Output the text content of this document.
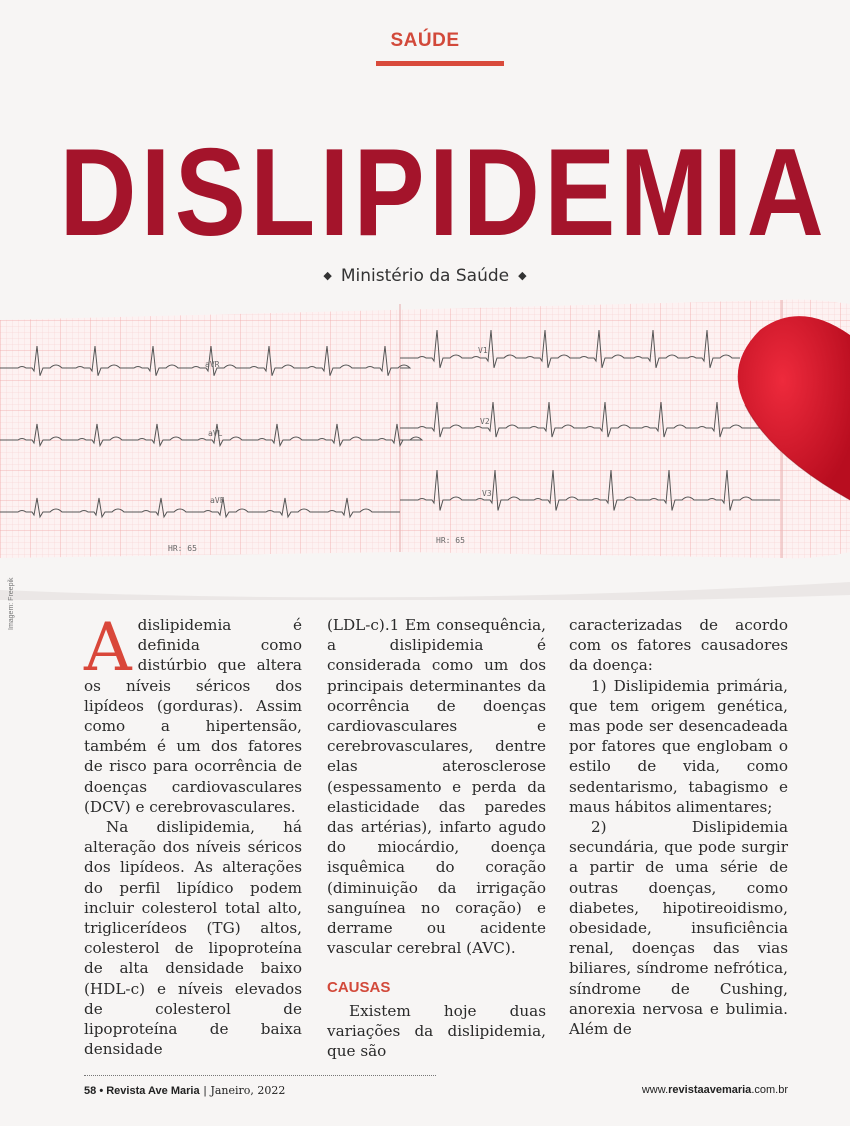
SAÚDE
DISLIPIDEMIA
◆ Ministério da Saúde ◆
aVR
aVL
aVF
V1
V2
V3
HR: 65
HR: 65
Imagem: Freepik

Adislipidemia é definida como distúrbio que altera os níveis séricos dos lipídeos (gorduras). Assim como a hipertensão, também é um dos fatores de risco para ocorrência de doenças cardiovasculares (DCV) e cerebrovasculares.

Na dislipidemia, há alteração dos níveis séricos dos lipídeos. As alterações do perfil lipídico podem incluir colesterol total alto, triglicerídeos (TG) altos, colesterol de lipoproteína de alta densidade baixo (HDL-c) e níveis elevados de colesterol de lipoproteína de baixa densidade

(LDL-c).1 Em consequência, a dislipidemia é considerada como um dos principais determinantes da ocorrência de doenças cardiovasculares e cerebrovasculares, dentre elas aterosclerose (espessamento e perda da elasticidade das paredes das artérias), infarto agudo do miocárdio, doença isquêmica do coração (diminuição da irrigação sanguínea no coração) e derrame ou acidente vascular cerebral (AVC).

CAUSAS

Existem hoje duas variações da dislipidemia, que são

caracterizadas de acordo com os fatores causadores da doença:

1) Dislipidemia primária, que tem origem genética, mas pode ser desencadeada por fatores que englobam o estilo de vida, como sedentarismo, tabagismo e maus hábitos alimentares;

2) Dislipidemia secundária, que pode surgir a partir de uma série de outras doenças, como diabetes, hipotireoidismo, obesidade, insuficiência renal, doenças das vias biliares, síndrome nefrótica, síndrome de Cushing, anorexia nervosa e bulimia. Além de

58 • Revista Ave Maria | Janeiro, 2022	www.revistaavemaria.com.br
